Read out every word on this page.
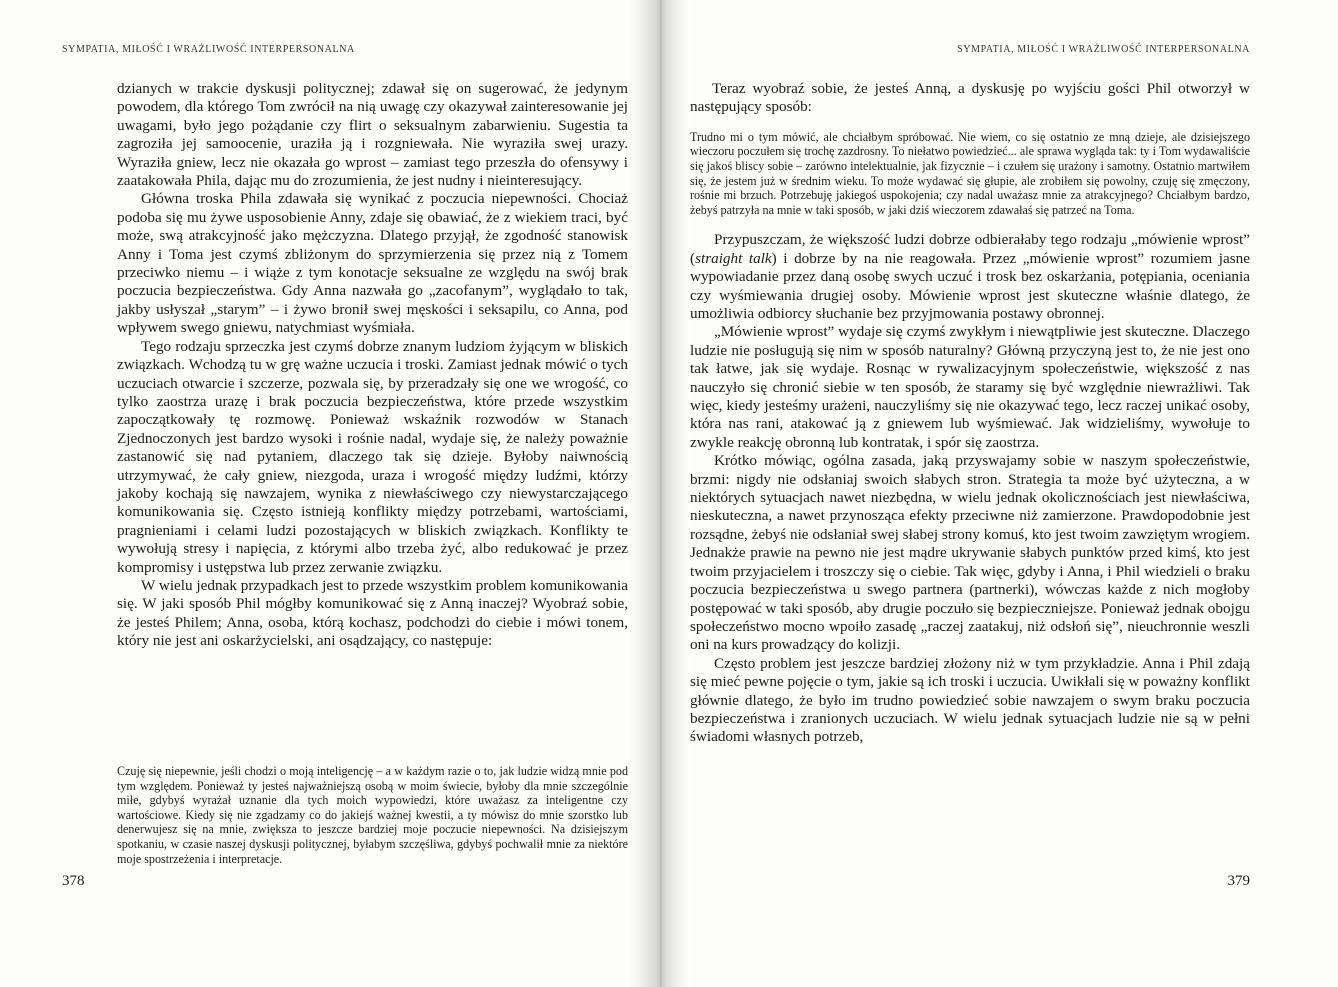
SYMPATIA, MIŁOŚĆ I WRAŻLIWOŚĆ INTERPERSONALNA

dzianych w trakcie dyskusji politycznej; zdawał się on sugerować, że jedynym powodem, dla którego Tom zwrócił na nią uwagę czy okazywał zainteresowanie jej uwagami, było jego pożądanie czy flirt o seksualnym zabarwieniu. Sugestia ta zagroziła jej samoocenie, uraziła ją i rozgniewała. Nie wyraziła swej urazy. Wyraziła gniew, lecz nie okazała go wprost – zamiast tego przeszła do ofensywy i zaatakowała Phila, dając mu do zrozumienia, że jest nudny i nieinteresujący.

Główna troska Phila zdawała się wynikać z poczucia niepewności. Chociaż podoba się mu żywe usposobienie Anny, zdaje się obawiać, że z wiekiem traci, być może, swą atrakcyjność jako mężczyzna. Dlatego przyjął, że zgodność stanowisk Anny i Toma jest czymś zbliżonym do sprzymierzenia się przez nią z Tomem przeciwko niemu – i wiąże z tym konotacje seksualne ze względu na swój brak poczucia bezpieczeństwa. Gdy Anna nazwała go „zacofanym”, wyglądało to tak, jakby usłyszał „starym” – i żywo bronił swej męskości i seksapilu, co Anna, pod wpływem swego gniewu, natychmiast wyśmiała.

Tego rodzaju sprzeczka jest czymś dobrze znanym ludziom żyjącym w bliskich związkach. Wchodzą tu w grę ważne uczucia i troski. Zamiast jednak mówić o tych uczuciach otwarcie i szczerze, pozwala się, by przeradzały się one we wrogość, co tylko zaostrza urazę i brak poczucia bezpieczeństwa, które przede wszystkim zapoczątkowały tę rozmowę. Ponieważ wskaźnik rozwodów w Stanach Zjednoczonych jest bardzo wysoki i rośnie nadal, wydaje się, że należy poważnie zastanowić się nad pytaniem, dlaczego tak się dzieje. Byłoby naiwnością utrzymywać, że cały gniew, niezgoda, uraza i wrogość między ludźmi, którzy jakoby kochają się nawzajem, wynika z niewłaściwego czy niewystarczającego komunikowania się. Często istnieją konflikty między potrzebami, wartościami, pragnieniami i celami ludzi pozostających w bliskich związkach. Konflikty te wywołują stresy i napięcia, z którymi albo trzeba żyć, albo redukować je przez kompromisy i ustępstwa lub przez zerwanie związku.

W wielu jednak przypadkach jest to przede wszystkim problem komunikowania się. W jaki sposób Phil mógłby komunikować się z Anną inaczej? Wyobraź sobie, że jesteś Philem; Anna, osoba, którą kochasz, podchodzi do ciebie i mówi tonem, który nie jest ani oskarżycielski, ani osądzający, co następuje:

Czuję się niepewnie, jeśli chodzi o moją inteligencję – a w każdym razie o to, jak ludzie widzą mnie pod tym względem. Ponieważ ty jesteś najważniejszą osobą w moim świecie, byłoby dla mnie szczególnie miłe, gdybyś wyrażał uznanie dla tych moich wypowiedzi, które uważasz za inteligentne czy wartościowe. Kiedy się nie zgadzamy co do jakiejś ważnej kwestii, a ty mówisz do mnie szorstko lub denerwujesz się na mnie, zwiększa to jeszcze bardziej moje poczucie niepewności. Na dzisiejszym spotkaniu, w czasie naszej dyskusji politycznej, byłabym szczęśliwa, gdybyś pochwalił mnie za niektóre moje spostrzeżenia i interpretacje.

378
SYMPATIA, MIŁOŚĆ I WRAŻLIWOŚĆ INTERPERSONALNA

Teraz wyobraź sobie, że jesteś Anną, a dyskusję po wyjściu gości Phil otworzył w następujący sposób:

Trudno mi o tym mówić, ale chciałbym spróbować. Nie wiem, co się ostatnio ze mną dzieje, ale dzisiejszego wieczoru poczułem się trochę zazdrosny. To niełatwo powiedzieć... ale sprawa wygląda tak: ty i Tom wydawaliście się jakoś bliscy sobie – zarówno intelektualnie, jak fizycznie – i czułem się urażony i samotny. Ostatnio martwiłem się, że jestem już w średnim wieku. To może wydawać się głupie, ale zrobiłem się powolny, czuję się zmęczony, rośnie mi brzuch. Potrzebuję jakiegoś uspokojenia; czy nadal uważasz mnie za atrakcyjnego? Chciałbym bardzo, żebyś patrzyła na mnie w taki sposób, w jaki dziś wieczorem zdawałaś się patrzeć na Toma.

Przypuszczam, że większość ludzi dobrze odbierałaby tego rodzaju „mówienie wprost” (straight talk) i dobrze by na nie reagowała. Przez „mówienie wprost” rozumiem jasne wypowiadanie przez daną osobę swych uczuć i trosk bez oskarżania, potępiania, oceniania czy wyśmiewania drugiej osoby. Mówienie wprost jest skuteczne właśnie dlatego, że umożliwia odbiorcy słuchanie bez przyjmowania postawy obronnej.

„Mówienie wprost” wydaje się czymś zwykłym i niewątpliwie jest skuteczne. Dlaczego ludzie nie posługują się nim w sposób naturalny? Główną przyczyną jest to, że nie jest ono tak łatwe, jak się wydaje. Rosnąc w rywalizacyjnym społeczeństwie, większość z nas nauczyło się chronić siebie w ten sposób, że staramy się być względnie niewrażliwi. Tak więc, kiedy jesteśmy urażeni, nauczyliśmy się nie okazywać tego, lecz raczej unikać osoby, która nas rani, atakować ją z gniewem lub wyśmiewać. Jak widzieliśmy, wywołuje to zwykle reakcję obronną lub kontratak, i spór się zaostrza.

Krótko mówiąc, ogólna zasada, jaką przyswajamy sobie w naszym społeczeństwie, brzmi: nigdy nie odsłaniaj swoich słabych stron. Strategia ta może być użyteczna, a w niektórych sytuacjach nawet niezbędna, w wielu jednak okolicznościach jest niewłaściwa, nieskuteczna, a nawet przynosząca efekty przeciwne niż zamierzone. Prawdopodobnie jest rozsądne, żebyś nie odsłaniał swej słabej strony komuś, kto jest twoim zawziętym wrogiem. Jednakże prawie na pewno nie jest mądre ukrywanie słabych punktów przed kimś, kto jest twoim przyjacielem i troszczy się o ciebie. Tak więc, gdyby i Anna, i Phil wiedzieli o braku poczucia bezpieczeństwa u swego partnera (partnerki), wówczas każde z nich mogłoby postępować w taki sposób, aby drugie poczuło się bezpieczniejsze. Ponieważ jednak obojgu społeczeństwo mocno wpoiło zasadę „raczej zaatakuj, niż odsłoń się”, nieuchronnie weszli oni na kurs prowadzący do kolizji.

Często problem jest jeszcze bardziej złożony niż w tym przykładzie. Anna i Phil zdają się mieć pewne pojęcie o tym, jakie są ich troski i uczucia. Uwikłali się w poważny konflikt głównie dlatego, że było im trudno powiedzieć sobie nawzajem o swym braku poczucia bezpieczeństwa i zranionych uczuciach. W wielu jednak sytuacjach ludzie nie są w pełni świadomi własnych potrzeb,

379
